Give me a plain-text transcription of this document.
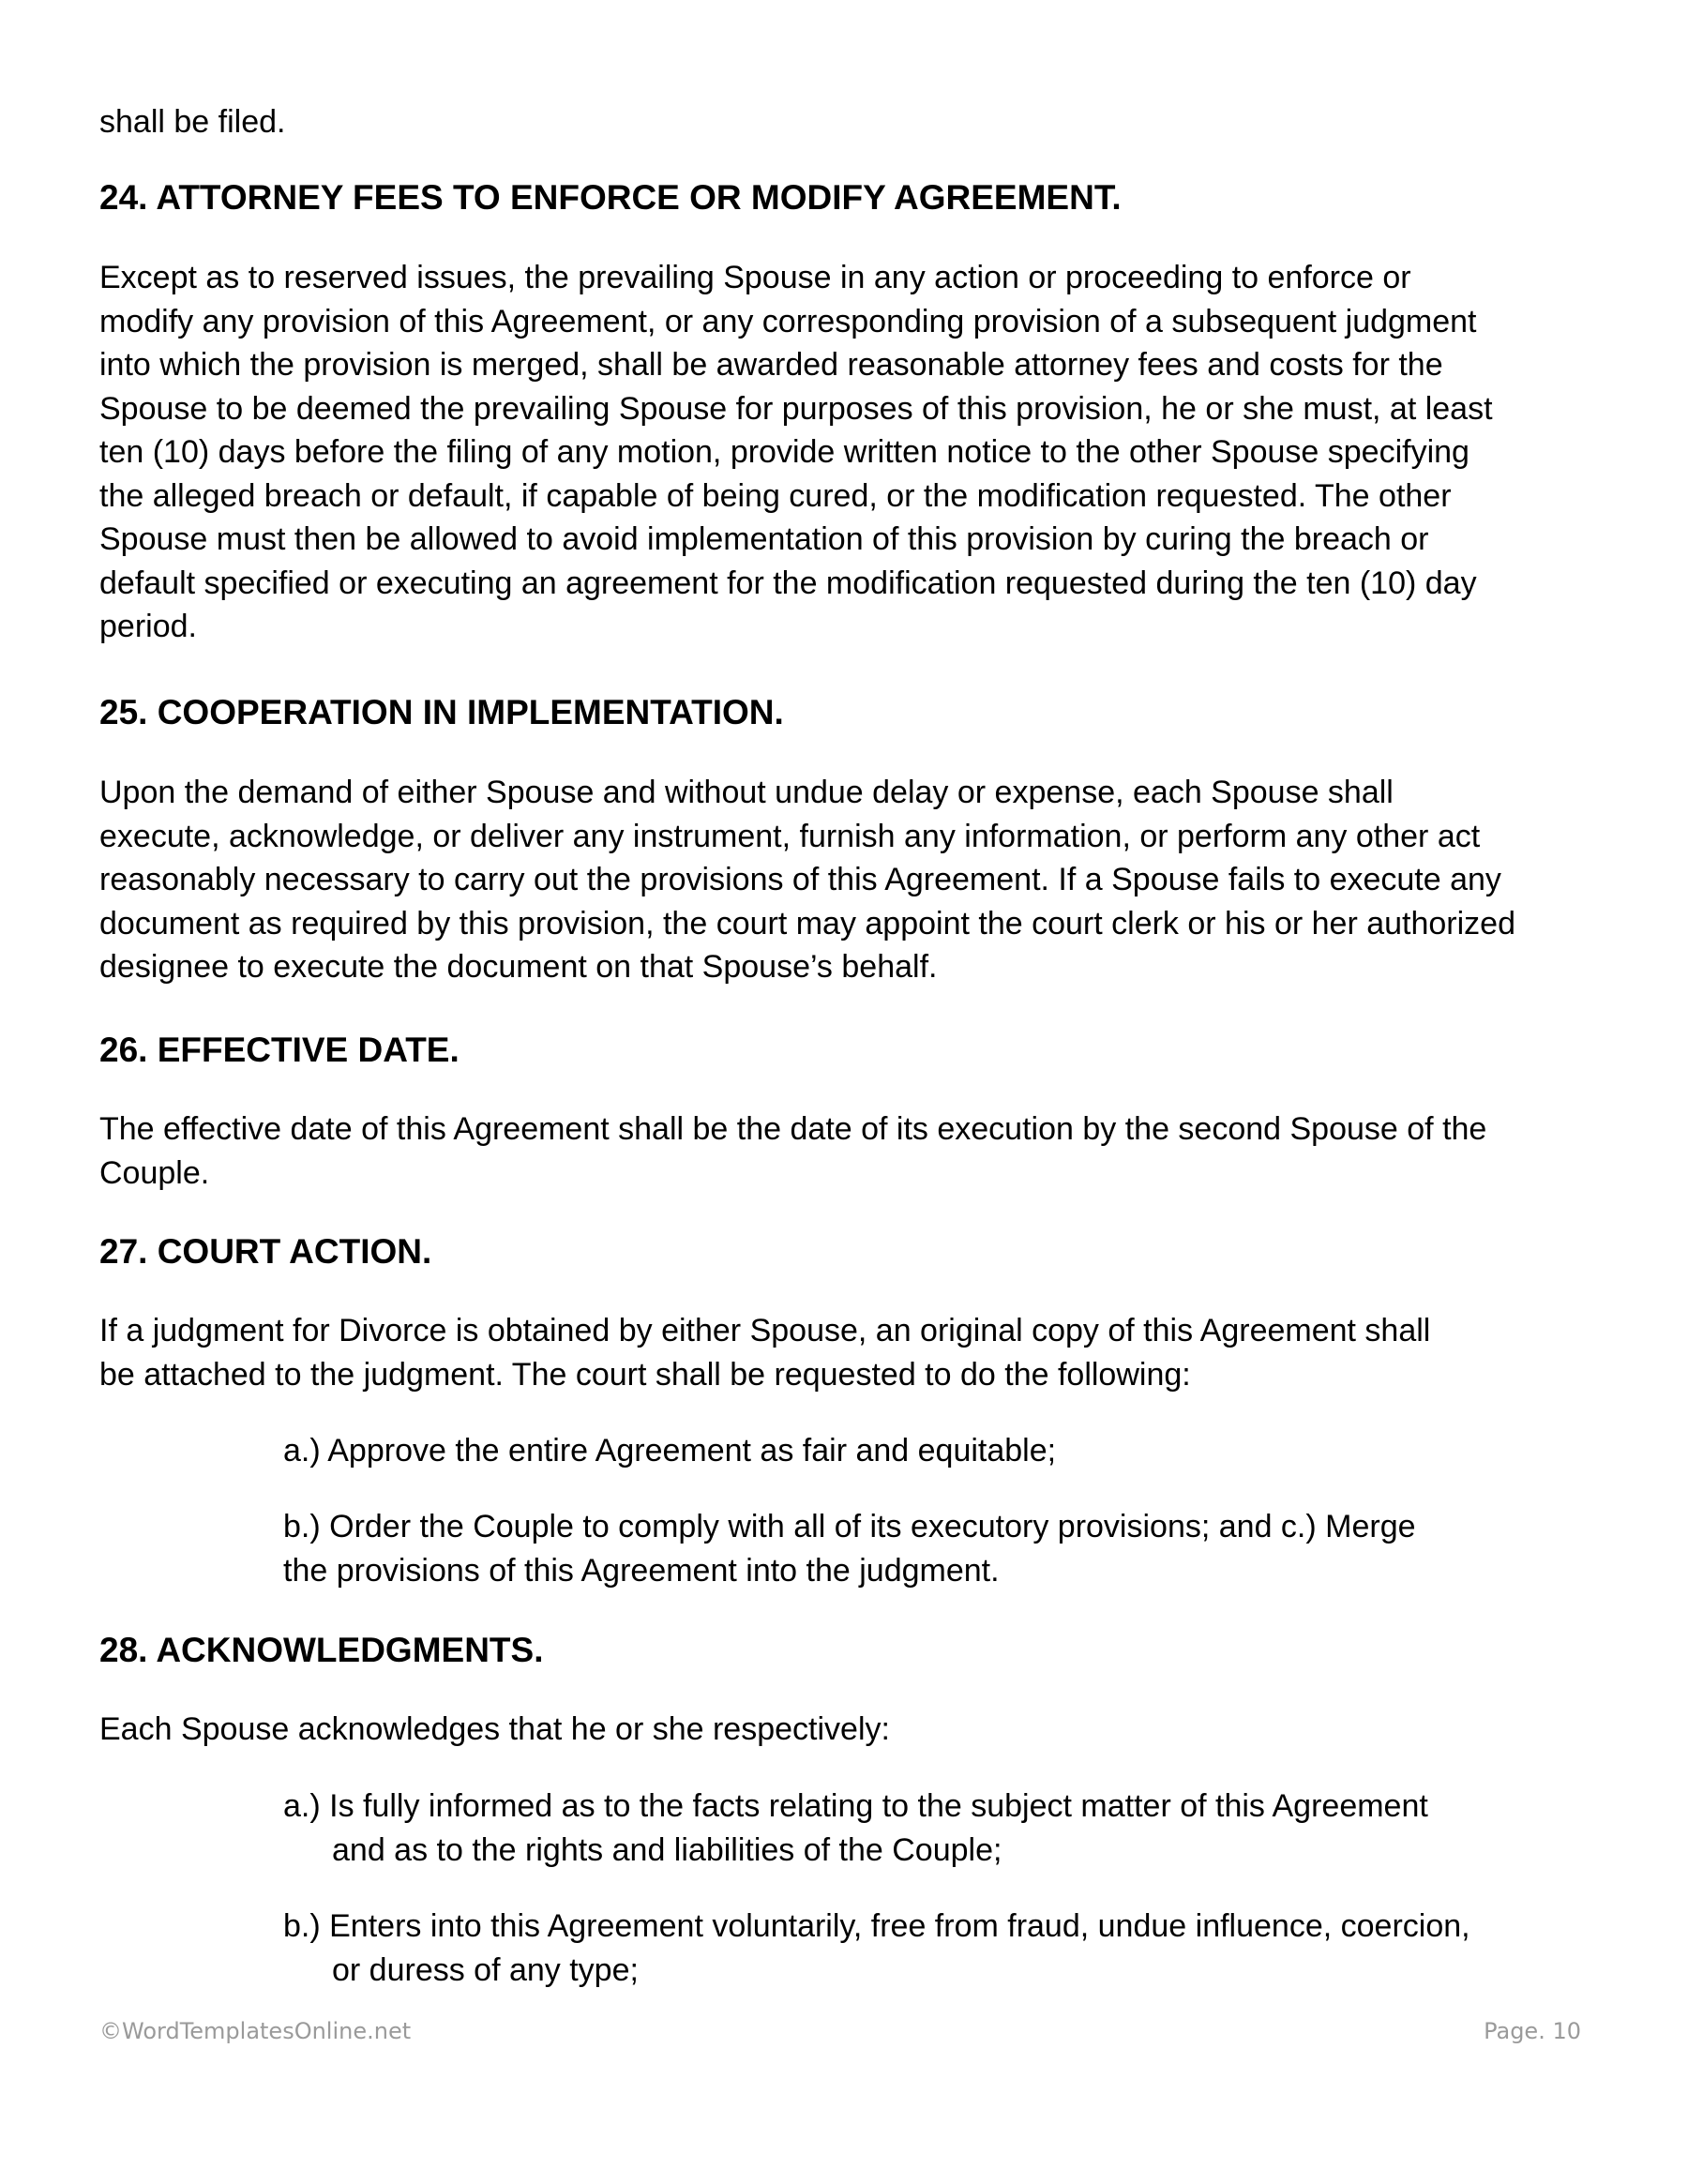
shall be filed.

24. ATTORNEY FEES TO ENFORCE OR MODIFY AGREEMENT.

Except as to reserved issues, the prevailing Spouse in any action or proceeding to enforce or
modify any provision of this Agreement, or any corresponding provision of a subsequent judgment
into which the provision is merged, shall be awarded reasonable attorney fees and costs for the
Spouse to be deemed the prevailing Spouse for purposes of this provision, he or she must, at least
ten (10) days before the filing of any motion, provide written notice to the other Spouse specifying
the alleged breach or default, if capable of being cured, or the modification requested. The other
Spouse must then be allowed to avoid implementation of this provision by curing the breach or
default specified or executing an agreement for the modification requested during the ten (10) day
period.

25. COOPERATION IN IMPLEMENTATION.

Upon the demand of either Spouse and without undue delay or expense, each Spouse shall
execute, acknowledge, or deliver any instrument, furnish any information, or perform any other act
reasonably necessary to carry out the provisions of this Agreement. If a Spouse fails to execute any
document as required by this provision, the court may appoint the court clerk or his or her authorized
designee to execute the document on that Spouse’s behalf.

26. EFFECTIVE DATE.

The effective date of this Agreement shall be the date of its execution by the second Spouse of the
Couple.

27. COURT ACTION.

If a judgment for Divorce is obtained by either Spouse, an original copy of this Agreement shall
be attached to the judgment. The court shall be requested to do the following:

a.) Approve the entire Agreement as fair and equitable;

b.) Order the Couple to comply with all of its executory provisions; and c.) Merge
the provisions of this Agreement into the judgment.

28. ACKNOWLEDGMENTS.

Each Spouse acknowledges that he or she respectively:

a.) Is fully informed as to the facts relating to the subject matter of this Agreement
and as to the rights and liabilities of the Couple;

b.) Enters into this Agreement voluntarily, free from fraud, undue influence, coercion,
or duress of any type;

©WordTemplatesOnline.net	Page. 10
